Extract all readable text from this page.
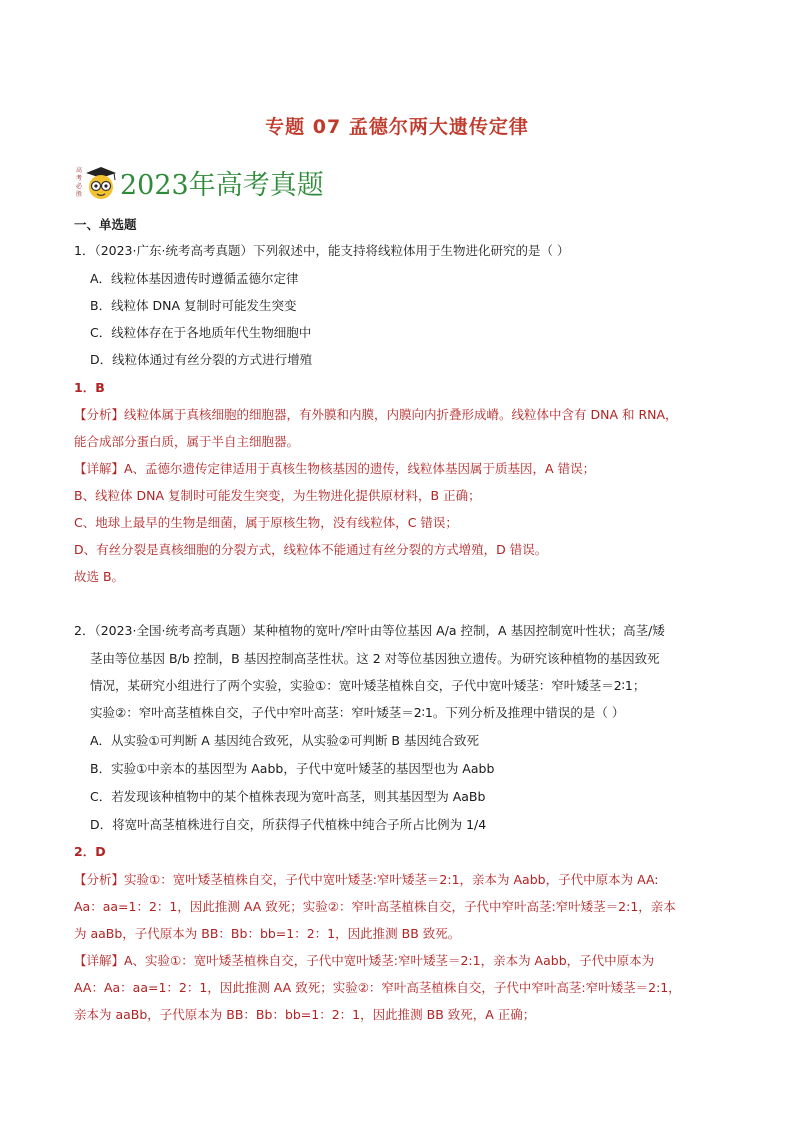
专题 07 孟德尔两大遗传定律
高
考
必
胜 2023年高考真题
一、单选题
1．（2023·广东·统考高考真题）下列叙述中，能支持将线粒体用于生物进化研究的是（ ）
A．线粒体基因遗传时遵循孟德尔定律
B．线粒体 DNA 复制时可能发生突变
C．线粒体存在于各地质年代生物细胞中
D．线粒体通过有丝分裂的方式进行增殖
1．B
【分析】线粒体属于真核细胞的细胞器，有外膜和内膜，内膜向内折叠形成嵴。线粒体中含有 DNA 和 RNA，
能合成部分蛋白质，属于半自主细胞器。
【详解】A、孟德尔遗传定律适用于真核生物核基因的遗传，线粒体基因属于质基因，A 错误；
B、线粒体 DNA 复制时可能发生突变，为生物进化提供原材料，B 正确；
C、地球上最早的生物是细菌，属于原核生物，没有线粒体，C 错误；
D、有丝分裂是真核细胞的分裂方式，线粒体不能通过有丝分裂的方式增殖，D 错误。
故选 B。
2．（2023·全国·统考高考真题）某种植物的宽叶/窄叶由等位基因 A/a 控制，A 基因控制宽叶性状；高茎/矮
茎由等位基因 B/b 控制，B 基因控制高茎性状。这 2 对等位基因独立遗传。为研究该种植物的基因致死
情况，某研究小组进行了两个实验，实验①：宽叶矮茎植株自交，子代中宽叶矮茎：窄叶矮茎＝2∶1；
实验②：窄叶高茎植株自交，子代中窄叶高茎：窄叶矮茎＝2∶1。下列分析及推理中错误的是（ ）
A．从实验①可判断 A 基因纯合致死，从实验②可判断 B 基因纯合致死
B．实验①中亲本的基因型为 Aabb，子代中宽叶矮茎的基因型也为 Aabb
C．若发现该种植物中的某个植株表现为宽叶高茎，则其基因型为 AaBb
D．将宽叶高茎植株进行自交，所获得子代植株中纯合子所占比例为 1/4
2．D
【分析】实验①：宽叶矮茎植株自交，子代中宽叶矮茎:窄叶矮茎＝2:1，亲本为 Aabb，子代中原本为 AA:
Aa：aa=1：2：1，因此推测 AA 致死；实验②：窄叶高茎植株自交，子代中窄叶高茎:窄叶矮茎＝2:1，亲本
为 aaBb，子代原本为 BB：Bb：bb=1：2：1，因此推测 BB 致死。
【详解】A、实验①：宽叶矮茎植株自交，子代中宽叶矮茎:窄叶矮茎＝2:1，亲本为 Aabb，子代中原本为
AA：Aa：aa=1：2：1，因此推测 AA 致死；实验②：窄叶高茎植株自交，子代中窄叶高茎:窄叶矮茎＝2:1，
亲本为 aaBb，子代原本为 BB：Bb：bb=1：2：1，因此推测 BB 致死，A 正确；
